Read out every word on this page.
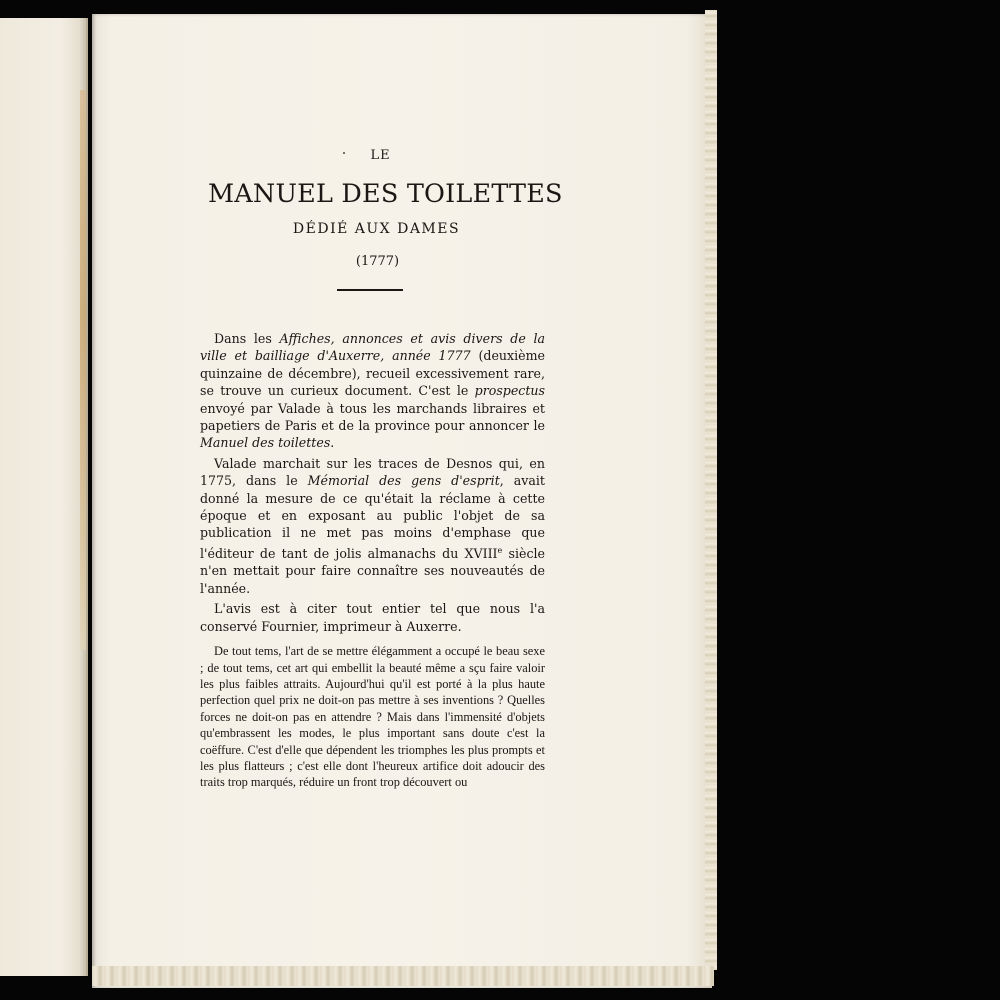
LE
MANUEL DES TOILETTES
DÉDIÉ AUX DAMES
(1777)

Dans les Affiches, annonces et avis divers de la ville et bailliage d'Auxerre, année 1777 (deuxième quinzaine de décembre), recueil excessivement rare, se trouve un curieux document. C'est le prospectus envoyé par Valade à tous les marchands libraires et papetiers de Paris et de la province pour annoncer le Manuel des toilettes.

Valade marchait sur les traces de Desnos qui, en 1775, dans le Mémorial des gens d'esprit, avait donné la mesure de ce qu'était la réclame à cette époque et en exposant au public l'objet de sa publication il ne met pas moins d'emphase que l'éditeur de tant de jolis almanachs du XVIIIe siècle n'en mettait pour faire connaître ses nouveautés de l'année.

L'avis est à citer tout entier tel que nous l'a conservé Fournier, imprimeur à Auxerre.

De tout tems, l'art de se mettre élégamment a occupé le beau sexe ; de tout tems, cet art qui embellit la beauté même a sçu faire valoir les plus faibles attraits. Aujourd'hui qu'il est porté à la plus haute perfection quel prix ne doit-on pas mettre à ses inventions ? Quelles forces ne doit-on pas en attendre ? Mais dans l'immensité d'objets qu'embrassent les modes, le plus important sans doute c'est la coëffure. C'est d'elle que dépendent les triomphes les plus prompts et les plus flatteurs ; c'est elle dont l'heureux artifice doit adoucir des traits trop marqués, réduire un front trop découvert ou
